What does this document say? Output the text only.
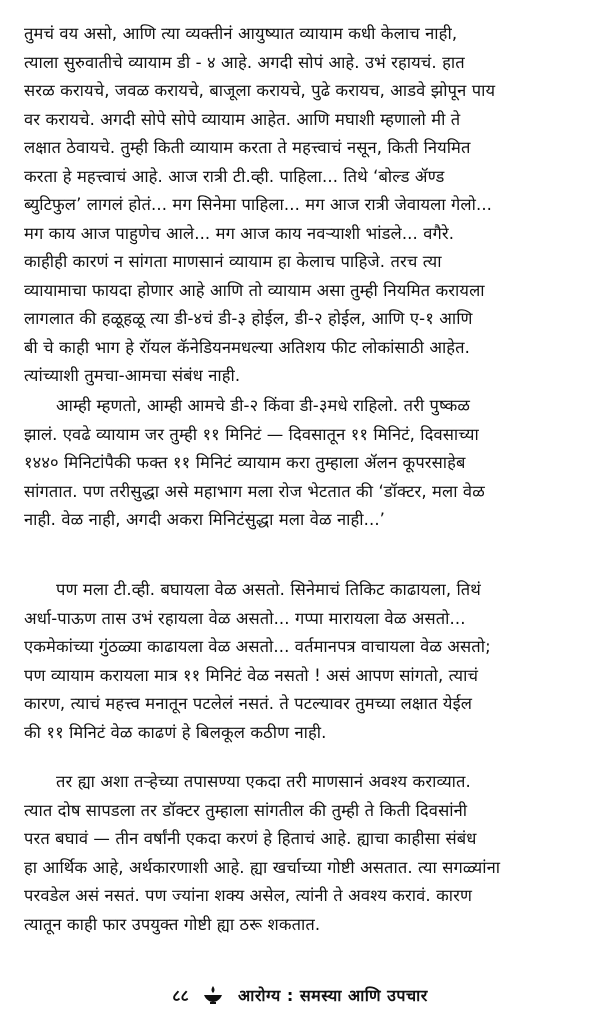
तुमचं वय असो, आणि त्या व्यक्तीनं आयुष्यात व्यायाम कधी केलाच नाही,
त्याला सुरुवातीचे व्यायाम डी - ४ आहे. अगदी सोपं आहे. उभं रहायचं. हात
सरळ करायचे, जवळ करायचे, बाजूला करायचे, पुढे करायच, आडवे झोपून पाय
वर करायचे. अगदी सोपे सोपे व्यायाम आहेत. आणि मघाशी म्हणालो मी ते
लक्षात ठेवायचे. तुम्ही किती व्यायाम करता ते महत्त्वाचं नसून, किती नियमित
करता हे महत्त्वाचं आहे. आज रात्री टी.व्ही. पाहिला... तिथे ‘बोल्ड ॲण्ड
ब्युटिफुल’ लागलं होतं... मग सिनेमा पाहिला... मग आज रात्री जेवायला गेलो...
मग काय आज पाहुणेच आले... मग आज काय नवऱ्याशी भांडले... वगैरे.
काहीही कारणं न सांगता माणसानं व्यायाम हा केलाच पाहिजे. तरच त्या
व्यायामाचा फायदा होणार आहे आणि तो व्यायाम असा तुम्ही नियमित करायला
लागलात की हळूहळू त्या डी-४चं डी-३ होईल, डी-२ होईल, आणि ए-१ आणि
बी चे काही भाग हे रॉयल कॅनेडियनमधल्या अतिशय फीट लोकांसाठी आहेत.
त्यांच्याशी तुमचा-आमचा संबंध नाही.
आम्ही म्हणतो, आम्ही आमचे डी-२ किंवा डी-३मधे राहिलो. तरी पुष्कळ
झालं. एवढे व्यायाम जर तुम्ही ११ मिनिटं — दिवसातून ११ मिनिटं, दिवसाच्या
१४४० मिनिटांपैकी फक्त ११ मिनिटं व्यायाम करा तुम्हाला ॲलन कूपरसाहेब
सांगतात. पण तरीसुद्धा असे महाभाग मला रोज भेटतात की ‘डॉक्टर, मला वेळ
नाही. वेळ नाही, अगदी अकरा मिनिटंसुद्धा मला वेळ नाही...’
पण मला टी.व्ही. बघायला वेळ असतो. सिनेमाचं तिकिट काढायला, तिथं
अर्धा-पाऊण तास उभं रहायला वेळ असतो... गप्पा मारायला वेळ असतो...
एकमेकांच्या गुंठळ्या काढायला वेळ असतो... वर्तमानपत्र वाचायला वेळ असतो;
पण व्यायाम करायला मात्र ११ मिनिटं वेळ नसतो ! असं आपण सांगतो, त्याचं
कारण, त्याचं महत्त्व मनातून पटलेलं नसतं. ते पटल्यावर तुमच्या लक्षात येईल
की ११ मिनिटं वेळ काढणं हे बिलकूल कठीण नाही.
तर ह्या अशा तऱ्हेच्या तपासण्या एकदा तरी माणसानं अवश्य कराव्यात.
त्यात दोष सापडला तर डॉक्टर तुम्हाला सांगतील की तुम्ही ते किती दिवसांनी
परत बघावं — तीन वर्षांनी एकदा करणं हे हिताचं आहे. ह्याचा काहीसा संबंध
हा आर्थिक आहे, अर्थकारणाशी आहे. ह्या खर्चाच्या गोष्टी असतात. त्या सगळ्यांना
परवडेल असं नसतं. पण ज्यांना शक्य असेल, त्यांनी ते अवश्य करावं. कारण
त्यातून काही फार उपयुक्त गोष्टी ह्या ठरू शकतात.
८८	आरोग्य : समस्या आणि उपचार
